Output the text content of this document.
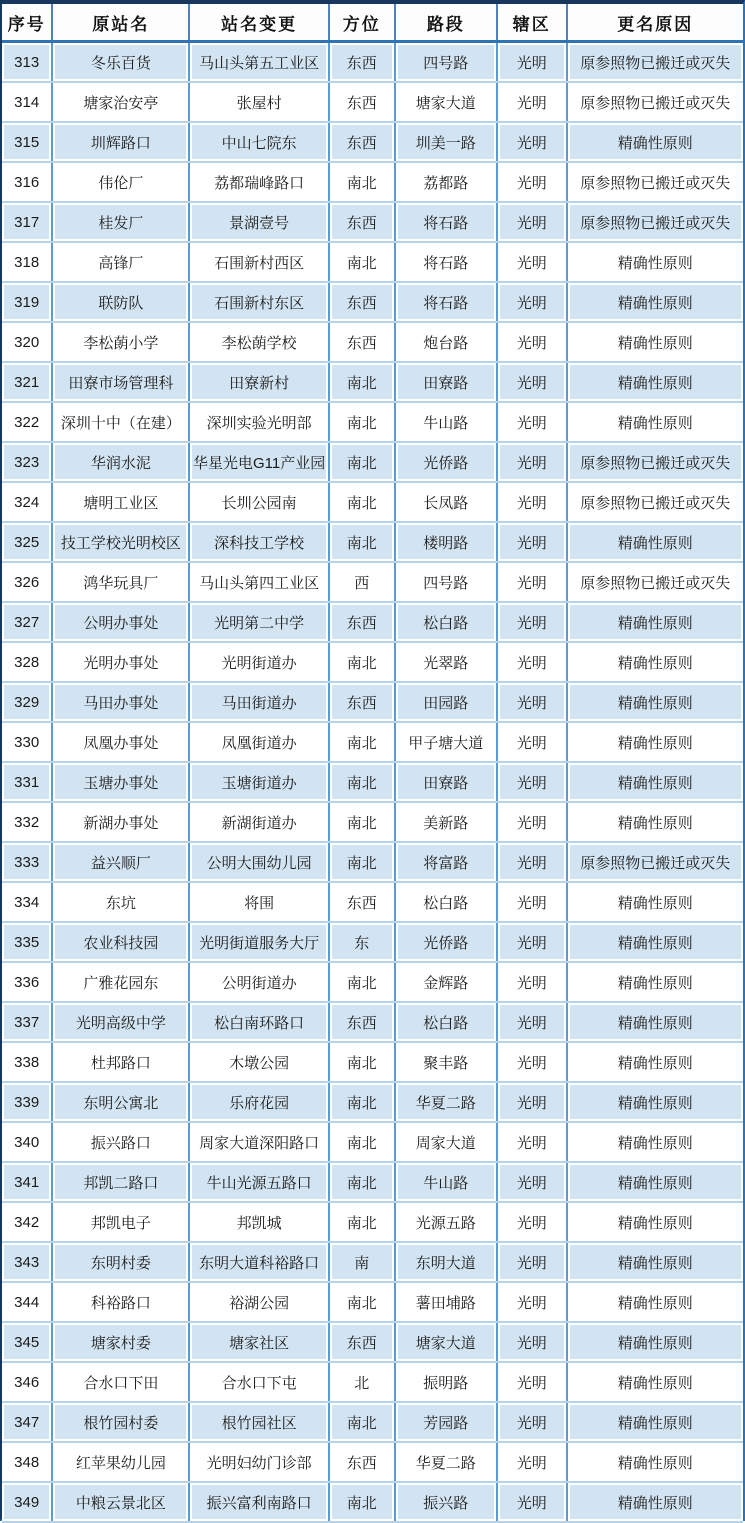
序号	原站名	站名变更	方位	路段	辖区	更名原因
313	冬乐百货	马山头第五工业区	东西	四号路	光明	原参照物已搬迁或灭失
314	塘家治安亭	张屋村	东西	塘家大道	光明	原参照物已搬迁或灭失
315	圳辉路口	中山七院东	东西	圳美一路	光明	精确性原则
316	伟伦厂	荔都瑞峰路口	南北	荔都路	光明	原参照物已搬迁或灭失
317	桂发厂	景湖壹号	东西	将石路	光明	原参照物已搬迁或灭失
318	高锋厂	石围新村西区	南北	将石路	光明	精确性原则
319	联防队	石围新村东区	东西	将石路	光明	精确性原则
320	李松蓢小学	李松蓢学校	东西	炮台路	光明	精确性原则
321	田寮市场管理科	田寮新村	南北	田寮路	光明	精确性原则
322	深圳十中（在建）	深圳实验光明部	南北	牛山路	光明	精确性原则
323	华润水泥	华星光电G11产业园	南北	光侨路	光明	原参照物已搬迁或灭失
324	塘明工业区	长圳公园南	南北	长凤路	光明	原参照物已搬迁或灭失
325	技工学校光明校区	深科技工学校	南北	楼明路	光明	精确性原则
326	鸿华玩具厂	马山头第四工业区	西	四号路	光明	原参照物已搬迁或灭失
327	公明办事处	光明第二中学	东西	松白路	光明	精确性原则
328	光明办事处	光明街道办	南北	光翠路	光明	精确性原则
329	马田办事处	马田街道办	东西	田园路	光明	精确性原则
330	凤凰办事处	凤凰街道办	南北	甲子塘大道	光明	精确性原则
331	玉塘办事处	玉塘街道办	南北	田寮路	光明	精确性原则
332	新湖办事处	新湖街道办	南北	美新路	光明	精确性原则
333	益兴顺厂	公明大围幼儿园	南北	将富路	光明	原参照物已搬迁或灭失
334	东坑	将围	东西	松白路	光明	精确性原则
335	农业科技园	光明街道服务大厅	东	光侨路	光明	精确性原则
336	广雅花园东	公明街道办	南北	金辉路	光明	精确性原则
337	光明高级中学	松白南环路口	东西	松白路	光明	精确性原则
338	杜邦路口	木墩公园	南北	聚丰路	光明	精确性原则
339	东明公寓北	乐府花园	南北	华夏二路	光明	精确性原则
340	振兴路口	周家大道深阳路口	南北	周家大道	光明	精确性原则
341	邦凯二路口	牛山光源五路口	南北	牛山路	光明	精确性原则
342	邦凯电子	邦凯城	南北	光源五路	光明	精确性原则
343	东明村委	东明大道科裕路口	南	东明大道	光明	精确性原则
344	科裕路口	裕湖公园	南北	薯田埔路	光明	精确性原则
345	塘家村委	塘家社区	东西	塘家大道	光明	精确性原则
346	合水口下田	合水口下屯	北	振明路	光明	精确性原则
347	根竹园村委	根竹园社区	南北	芳园路	光明	精确性原则
348	红苹果幼儿园	光明妇幼门诊部	东西	华夏二路	光明	精确性原则
349	中粮云景北区	振兴富利南路口	南北	振兴路	光明	精确性原则
